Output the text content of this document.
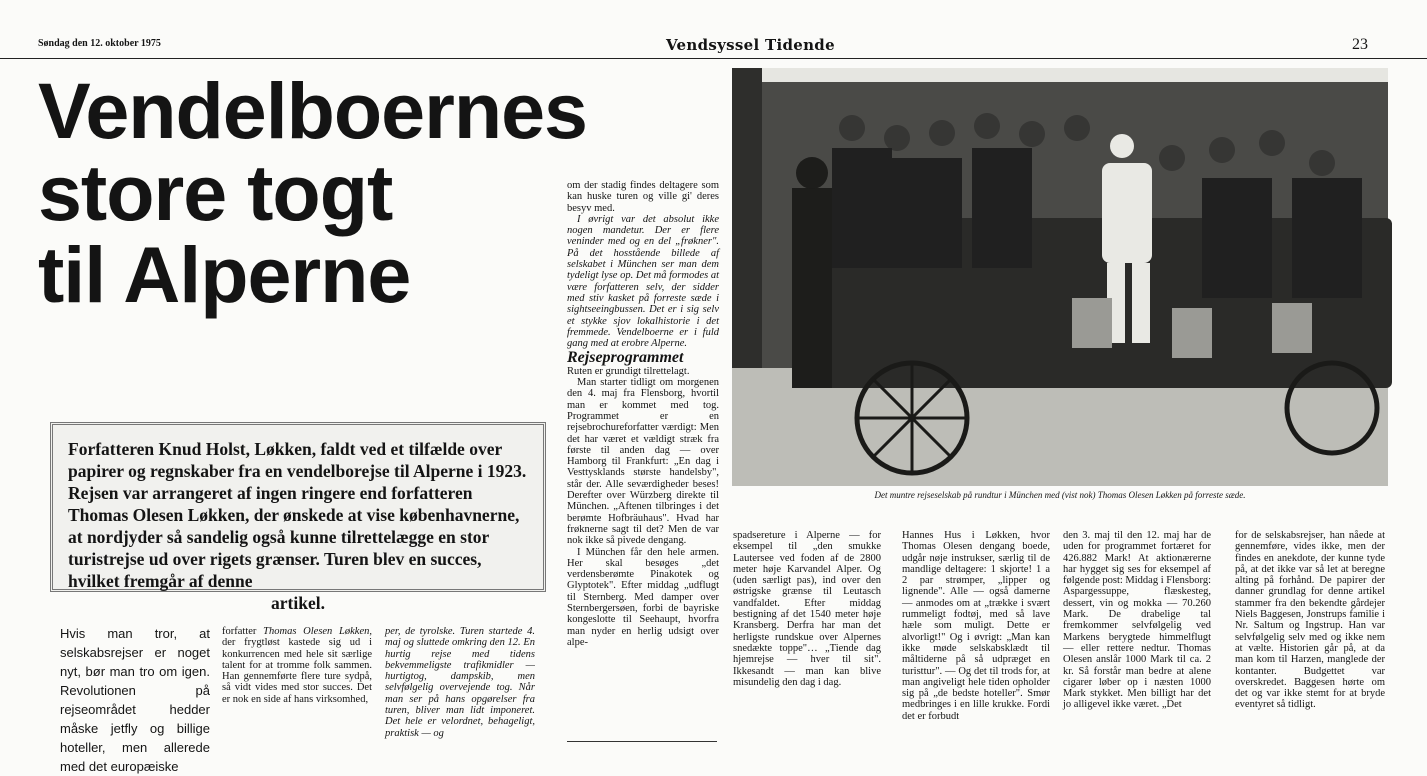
Søndag den 12. oktober 1975	Vendsyssel Tidende	23
Vendelboernes
store togt
til Alperne
Forfatteren Knud Holst, Løkken, faldt ved et tilfælde over papirer og regnskaber fra en vendelborejse til Alperne i 1923. Rejsen var arrangeret af ingen ringere end forfatteren Thomas Olesen Løkken, der ønskede at vise københavnerne, at nordjyder så sandelig også kunne tilrettelægge en stor turistrejse ud over rigets grænser. Turen blev en succes, hvilket fremgår af denne
artikel.
Det muntre rejseselskab på rundtur i München med (vist nok) Thomas Olesen Løkken på forreste sæde.

Hvis man tror, at selskabsrejser er noget nyt, bør man tro om igen. Revolutionen på rejseområdet hedder måske jetfly og billige hoteller, men allerede med det europæiske

forfatter Thomas Olesen Løkken, der frygtløst kastede sig ud i konkurrencen med hele sit særlige talent for at tromme folk sammen. Han gennemførte flere ture sydpå, så vidt vides med stor succes. Det er nok en side af hans virksomhed,

per, de tyrolske. Turen startede 4. maj og sluttede omkring den 12. En hurtig rejse med tidens bekvemmeligste trafikmidler — hurtigtog, dampskib, men selvfølgelig overvejende tog. Når man ser på hans opgørelser fra turen, bliver man lidt imponeret. Det hele er velordnet, behageligt, praktisk — og

om der stadig findes deltagere som kan huske turen og ville gi' deres besyv med.

I øvrigt var det absolut ikke nogen mandetur. Der er flere veninder med og en del „frøkner". På det hosstående billede af selskabet i München ser man dem tydeligt lyse op. Det må formodes at være forfatteren selv, der sidder med stiv kasket på forreste sæde i sightseeingbussen. Det er i sig selv et stykke sjov lokalhistorie i det fremmede. Vendelboerne er i fuld gang med at erobre Alperne.

Rejseprogrammet

Ruten er grundigt tilrettelagt.

Man starter tidligt om morgenen den 4. maj fra Flensborg, hvortil man er kommet med tog. Programmet er en rejsebrochureforfatter værdigt: Men det har været et vældigt stræk fra første til anden dag — over Hamborg til Frankfurt: „En dag i Vesttysklands største handelsby", står der. Alle seværdigheder beses! Derefter over Würzberg direkte til München. „Aftenen tilbringes i det berømte Hofbräuhaus". Hvad har frøknerne sagt til det? Men de var nok ikke så pivede dengang.

I München får den hele armen. Her skal besøges „det verdensberømte Pinakotek og Glyptotek". Efter middag „udflugt til Sternberg. Med damper over Sternbergersøen, forbi de bayriske kongeslotte til Seehaupt, hvorfra man nyder en herlig udsigt over alpe-

spadsereture i Alperne — for eksempel til „den smukke Lautersee ved foden af de 2800 meter høje Karvandel Alper. Og (uden særligt pas), ind over den østrigske grænse til Leutasch vandfaldet. Efter middag bestigning af det 1540 meter høje Kransberg. Derfra har man det herligste rundskue over Alpernes snedækte toppe"… „Tiende dag hjemrejse — hver til sit". Ikkesandt — man kan blive misundelig den dag i dag.

Hannes Hus i Løkken, hvor Thomas Olesen dengang boede, udgår nøje instrukser, særlig til de mandlige deltagere: 1 skjorte! 1 a 2 par strømper, „lipper og lignende". Alle — også damerne — anmodes om at „trække i svært rummeligt fodtøj, med så lave hæle som muligt. Dette er alvorligt!" Og i øvrigt: „Man kan ikke møde selskabsklædt til måltiderne på så udpræget en turisttur". — Og det til trods for, at man angiveligt hele tiden opholder sig på „de bedste hoteller". Smør medbringes i en lille krukke. Fordi det er forbudt

den 3. maj til den 12. maj har de uden for programmet fortæret for 426.882 Mark! At aktionærerne har hygget sig ses for eksempel af følgende post: Middag i Flensborg: Aspargessuppe, flæskesteg, dessert, vin og mokka — 70.260 Mark. De drabelige tal fremkommer selvfølgelig ved Markens berygtede himmelflugt — eller rettere nedtur. Thomas Olesen anslår 1000 Mark til ca. 2 kr. Så forstår man bedre at alene cigarer løber op i næsten 1000 Mark stykket. Men billigt har det jo alligevel ikke været. „Det

for de selskabsrejser, han nåede at gennemføre, vides ikke, men der findes en anekdote, der kunne tyde på, at det ikke var så let at beregne alting på forhånd. De papirer der danner grundlag for denne artikel stammer fra den bekendte gårdejer Niels Baggesen, Jonstrups familie i Nr. Saltum og Ingstrup. Han var selvfølgelig selv med og ikke nem at vælte. Historien går på, at da man kom til Harzen, manglede der kontanter. Budgettet var overskredet. Baggesen hørte om det og var ikke stemt for at bryde eventyret så tidligt.
